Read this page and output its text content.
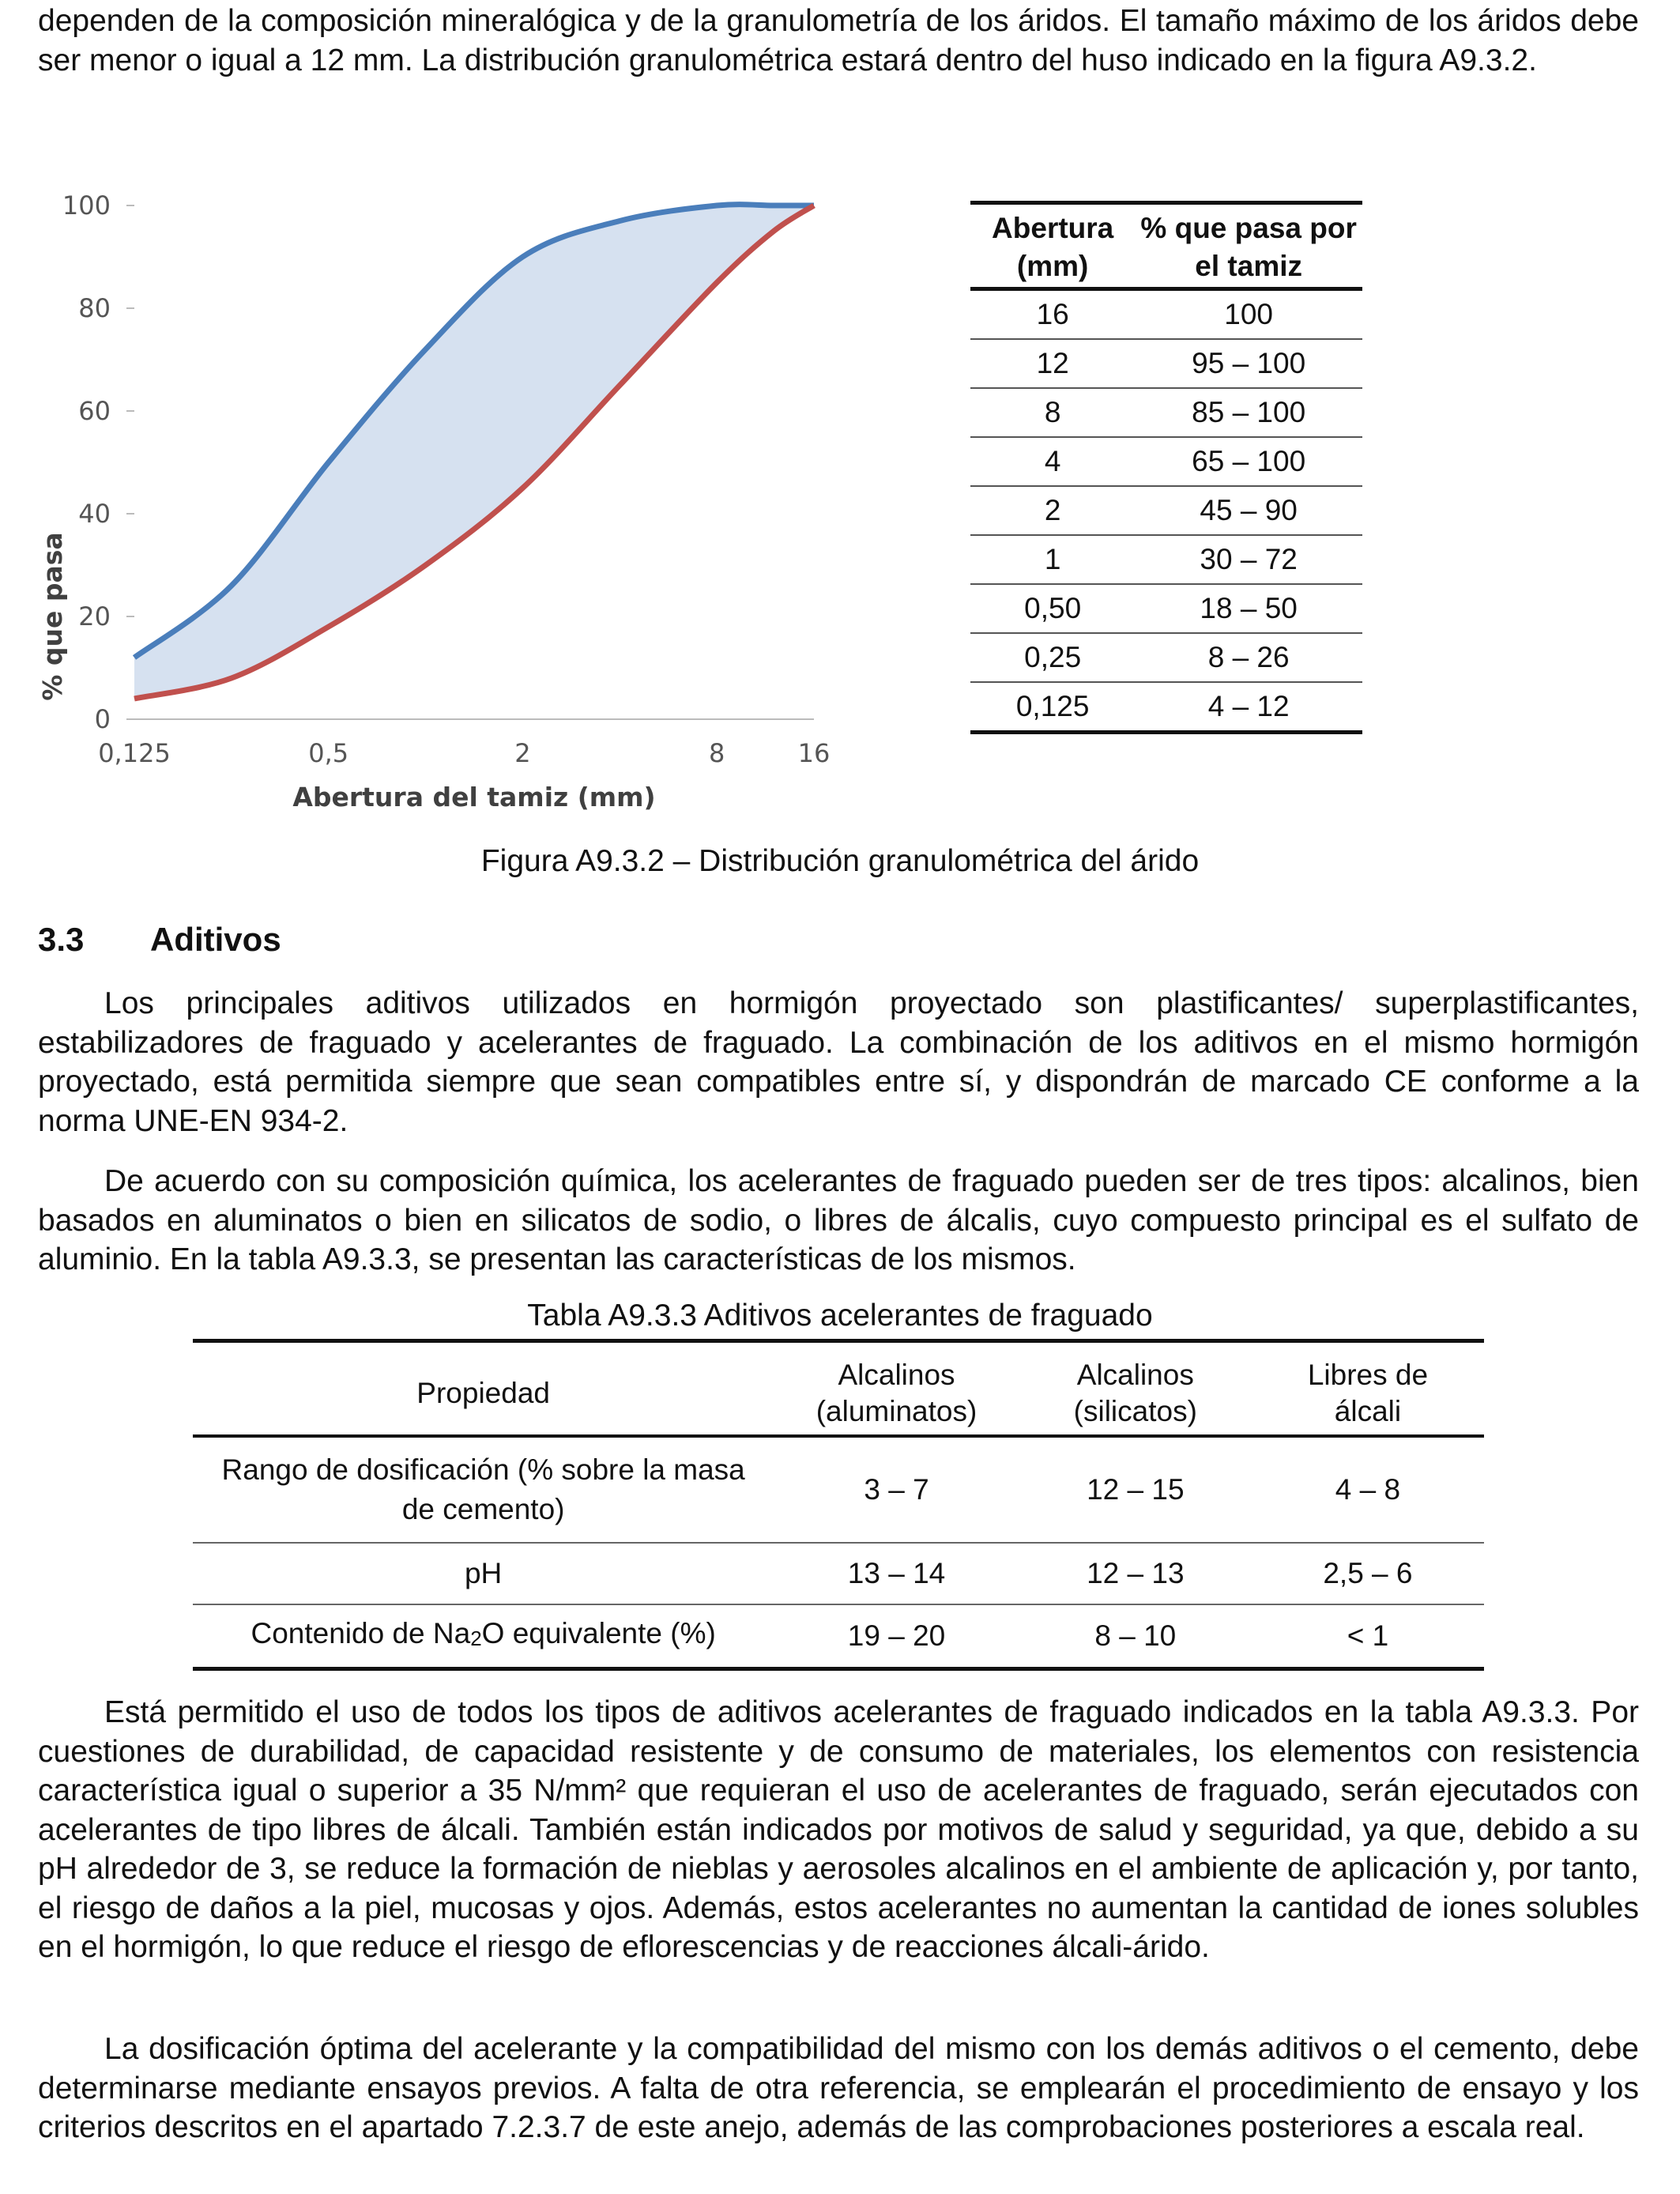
dependen de la composición mineralógica y de la granulometría de los áridos. El tamaño máximo de los áridos debe ser menor o igual a 12 mm. La distribución granulométrica estará dentro del huso indicado en la figura A9.3.2.

0
20
40
60
80
100
0,125	0,5	2	8	16
Abertura del tamiz (mm)
% que pasa
Abertura (mm)	% que pasa por el tamiz
16	100
12	95 – 100
8	85 – 100
4	65 – 100
2	45 – 90
1	30 – 72
0,50	18 – 50
0,25	8 – 26
0,125	4 – 12
Figura A9.3.2 – Distribución granulométrica del árido
3.3 Aditivos

Los principales aditivos utilizados en hormigón proyectado son plastificantes/ superplastificantes, estabilizadores de fraguado y acelerantes de fraguado. La combinación de los aditivos en el mismo hormigón proyectado, está permitida siempre que sean compatibles entre sí, y dispondrán de marcado CE conforme a la norma UNE-EN 934-2.

De acuerdo con su composición química, los acelerantes de fraguado pueden ser de tres tipos: alcalinos, bien basados en aluminatos o bien en silicatos de sodio, o libres de álcalis, cuyo compuesto principal es el sulfato de aluminio. En la tabla A9.3.3, se presentan las características de los mismos.

Tabla A9.3.3 Aditivos acelerantes de fraguado
Propiedad	Alcalinos (aluminatos)	Alcalinos (silicatos)	Libres de álcali
Rango de dosificación (% sobre la masa de cemento)	3 – 7	12 – 15	4 – 8
pH	13 – 14	12 – 13	2,5 – 6
Contenido de $Na_2O$ equivalente (%)	19 – 20	8 – 10	< 1

Está permitido el uso de todos los tipos de aditivos acelerantes de fraguado indicados en la tabla A9.3.3. Por cuestiones de durabilidad, de capacidad resistente y de consumo de materiales, los elementos con resistencia característica igual o superior a 35 N/mm² que requieran el uso de acelerantes de fraguado, serán ejecutados con acelerantes de tipo libres de álcali. También están indicados por motivos de salud y seguridad, ya que, debido a su pH alrededor de 3, se reduce la formación de nieblas y aerosoles alcalinos en el ambiente de aplicación y, por tanto, el riesgo de daños a la piel, mucosas y ojos. Además, estos acelerantes no aumentan la cantidad de iones solubles en el hormigón, lo que reduce el riesgo de eflorescencias y de reacciones álcali-árido.

La dosificación óptima del acelerante y la compatibilidad del mismo con los demás aditivos o el cemento, debe determinarse mediante ensayos previos. A falta de otra referencia, se emplearán el procedimiento de ensayo y los criterios descritos en el apartado 7.2.3.7 de este anejo, además de las comprobaciones posteriores a escala real.
